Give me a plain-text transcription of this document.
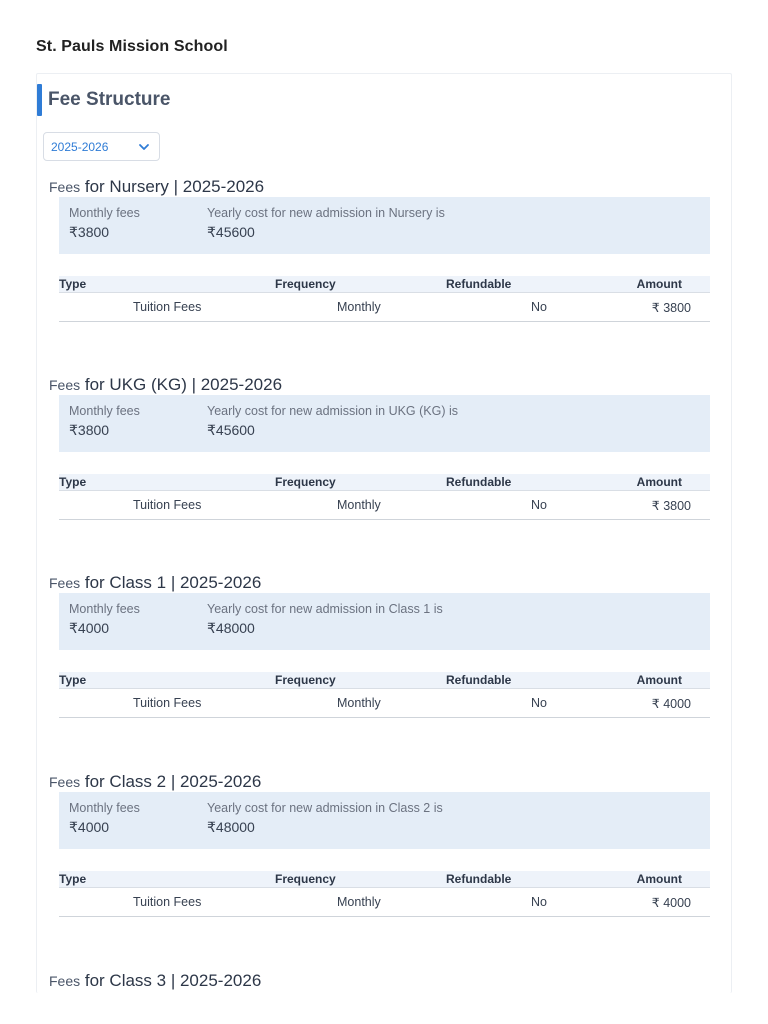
St. Pauls Mission School
Fee Structure
2025-2026
Fees for Nursery | 2025-2026
Monthly fees
₹3800
Yearly cost for new admission in Nursery is
₹45600
Type	Frequency	Refundable	Amount
Tuition Fees	Monthly	No	₹ 3800
Fees for UKG (KG) | 2025-2026
Monthly fees
₹3800
Yearly cost for new admission in UKG (KG) is
₹45600
Type	Frequency	Refundable	Amount
Tuition Fees	Monthly	No	₹ 3800
Fees for Class 1 | 2025-2026
Monthly fees
₹4000
Yearly cost for new admission in Class 1 is
₹48000
Type	Frequency	Refundable	Amount
Tuition Fees	Monthly	No	₹ 4000
Fees for Class 2 | 2025-2026
Monthly fees
₹4000
Yearly cost for new admission in Class 2 is
₹48000
Type	Frequency	Refundable	Amount
Tuition Fees	Monthly	No	₹ 4000
Fees for Class 3 | 2025-2026
